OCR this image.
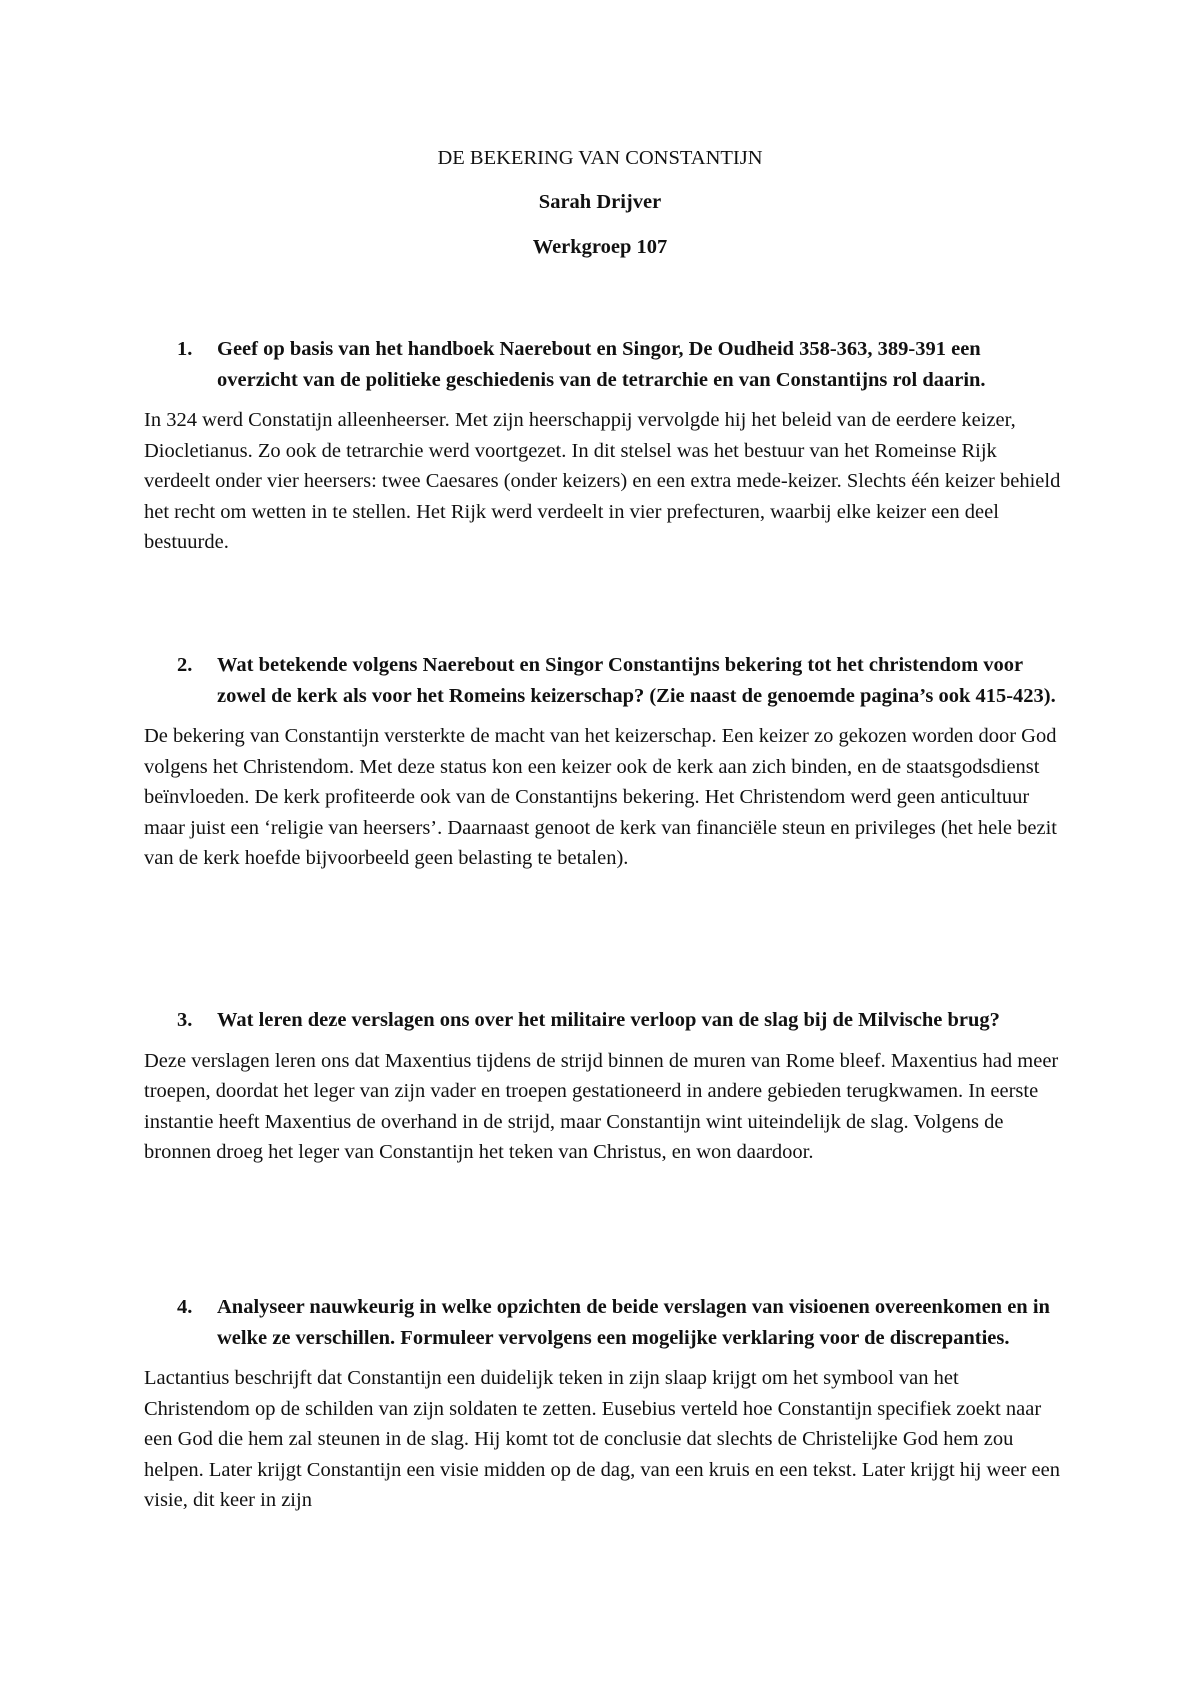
DE BEKERING VAN CONSTANTIJN

Sarah Drijver

Werkgroep 107

1.	Geef op basis van het handboek Naerebout en Singor, De Oudheid 358-363, 389-391 een overzicht van de politieke geschiedenis van de tetrarchie en van Constantijns rol daarin.

In 324 werd Constatijn alleenheerser. Met zijn heerschappij vervolgde hij het beleid van de eerdere keizer, Diocletianus. Zo ook de tetrarchie werd voortgezet. In dit stelsel was het bestuur van het Romeinse Rijk verdeelt onder vier heersers: twee Caesares (onder keizers) en een extra mede-keizer. Slechts één keizer behield het recht om wetten in te stellen. Het Rijk werd verdeelt in vier prefecturen, waarbij elke keizer een deel bestuurde.

2.	Wat betekende volgens Naerebout en Singor Constantijns bekering tot het christendom voor zowel de kerk als voor het Romeins keizerschap? (Zie naast de genoemde pagina’s ook 415-423).

De bekering van Constantijn versterkte de macht van het keizerschap. Een keizer zo gekozen worden door God volgens het Christendom. Met deze status kon een keizer ook de kerk aan zich binden, en de staatsgodsdienst beïnvloeden. De kerk profiteerde ook van de Constantijns bekering. Het Christendom werd geen anticultuur maar juist een ‘religie van heersers’. Daarnaast genoot de kerk van financiële steun en privileges (het hele bezit van de kerk hoefde bijvoorbeeld geen belasting te betalen).

3.	Wat leren deze verslagen ons over het militaire verloop van de slag bij de Milvische brug?

Deze verslagen leren ons dat Maxentius tijdens de strijd binnen de muren van Rome bleef. Maxentius had meer troepen, doordat het leger van zijn vader en troepen gestationeerd in andere gebieden terugkwamen. In eerste instantie heeft Maxentius de overhand in de strijd, maar Constantijn wint uiteindelijk de slag. Volgens de bronnen droeg het leger van Constantijn het teken van Christus, en won daardoor.

4.	Analyseer nauwkeurig in welke opzichten de beide verslagen van visioenen overeenkomen en in welke ze verschillen. Formuleer vervolgens een mogelijke verklaring voor de discrepanties.

Lactantius beschrijft dat Constantijn een duidelijk teken in zijn slaap krijgt om het symbool van het Christendom op de schilden van zijn soldaten te zetten. Eusebius verteld hoe Constantijn specifiek zoekt naar een God die hem zal steunen in de slag. Hij komt tot de conclusie dat slechts de Christelijke God hem zou helpen. Later krijgt Constantijn een visie midden op de dag, van een kruis en een tekst. Later krijgt hij weer een visie, dit keer in zijn
